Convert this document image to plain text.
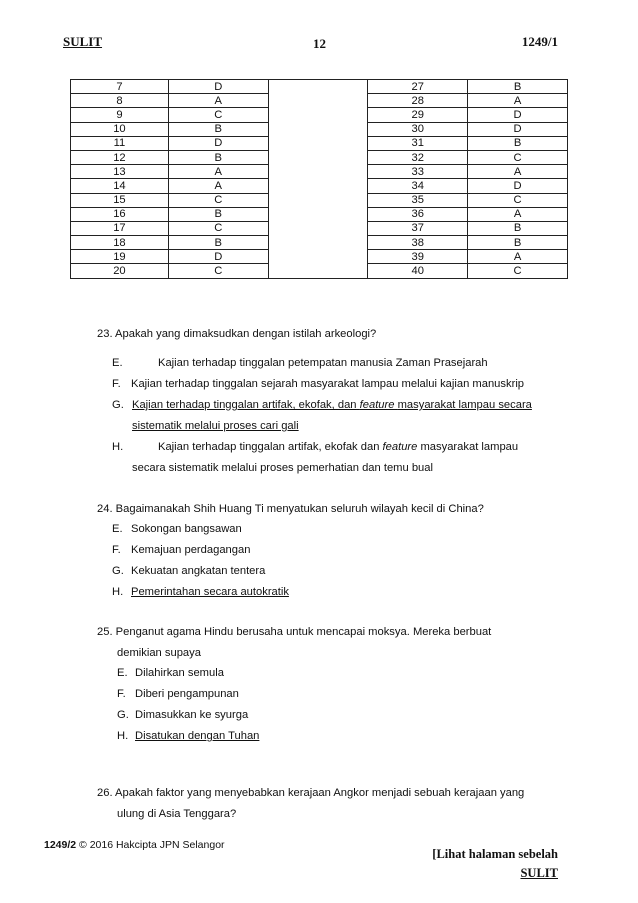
SULIT	12	1249/1
7	D		27	B
8	A		28	A
9	C		29	D
10	B		30	D
11	D		31	B
12	B		32	C
13	A		33	A
14	A		34	D
15	C		35	C
16	B		36	A
17	C		37	B
18	B		38	B
19	D		39	A
20	C		40	C
23. Apakah yang dimaksudkan dengan istilah arkeologi?
E.	Kajian terhadap tinggalan petempatan manusia Zaman Prasejarah
F. Kajian terhadap tinggalan sejarah masyarakat lampau melalui kajian manuskrip
G. Kajian terhadap tinggalan artifak, ekofak, dan feature masyarakat lampau secara
sistematik melalui proses cari gali
H.	Kajian terhadap tinggalan artifak, ekofak dan feature masyarakat lampau
secara sistematik melalui proses pemerhatian dan temu bual
24. Bagaimanakah Shih Huang Ti menyatukan seluruh wilayah kecil di China?
E. Sokongan bangsawan
F. Kemajuan perdagangan
G. Kekuatan angkatan tentera
H. Pemerintahan secara autokratik
25. Penganut agama Hindu berusaha untuk mencapai moksya. Mereka berbuat
demikian supaya
E. Dilahirkan semula
F. Diberi pengampunan
G. Dimasukkan ke syurga
H. Disatukan dengan Tuhan
26. Apakah faktor yang menyebabkan kerajaan Angkor menjadi sebuah kerajaan yang
ulung di Asia Tenggara?
1249/2 © 2016 Hakcipta JPN Selangor
[Lihat halaman sebelah
SULIT
